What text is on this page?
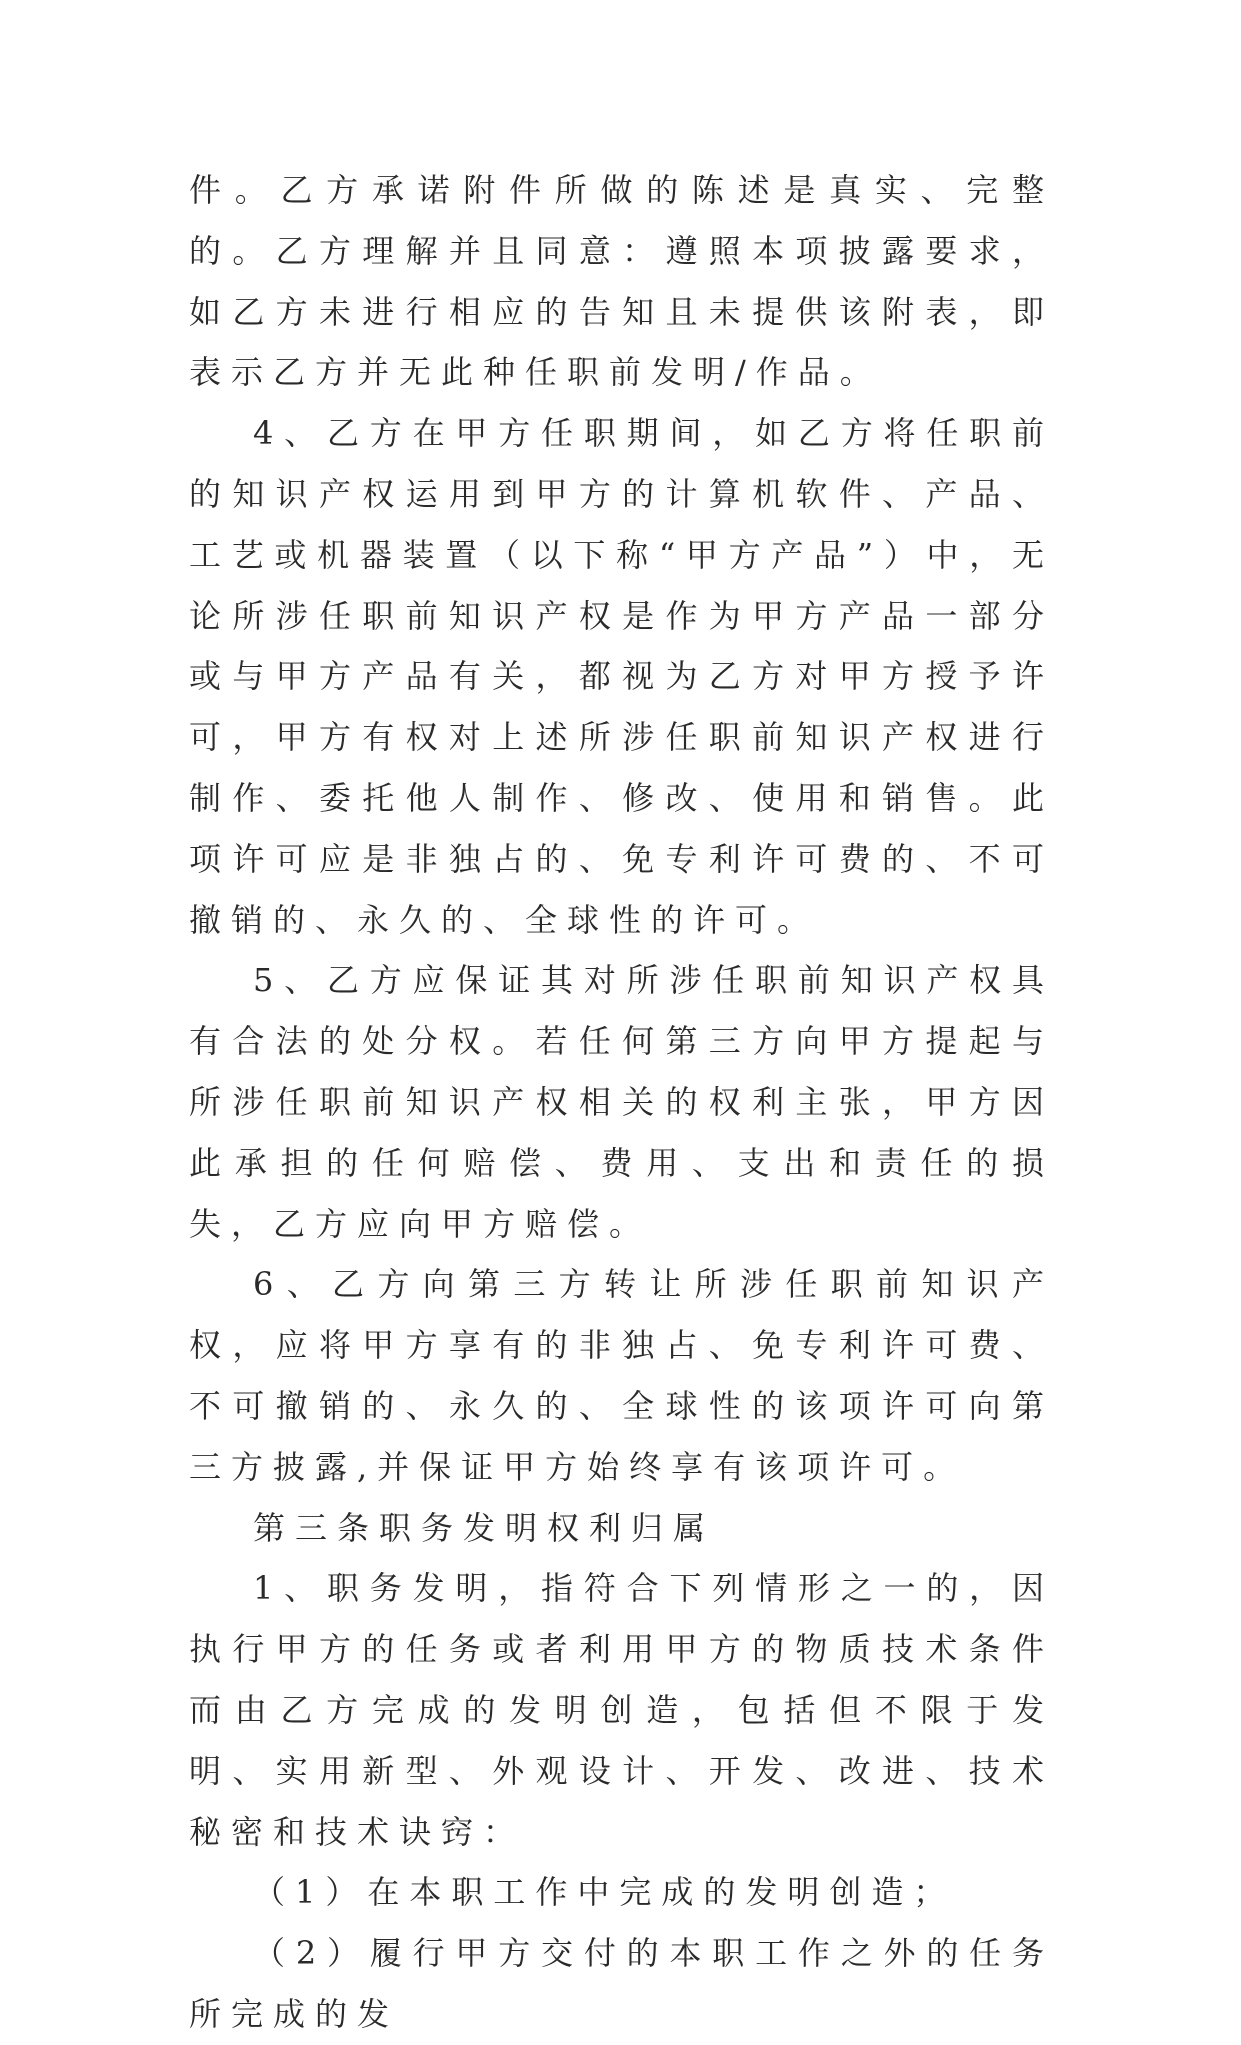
件。乙方承诺附件所做的陈述是真实、完整的。乙方理解并且同意：遵照本项披露要求，如乙方未进行相应的告知且未提供该附表，即表示乙方并无此种任职前发明/作品。

4、乙方在甲方任职期间，如乙方将任职前的知识产权运用到甲方的计算机软件、产品、工艺或机器装置（以下称“甲方产品”）中，无论所涉任职前知识产权是作为甲方产品一部分或与甲方产品有关，都视为乙方对甲方授予许可，甲方有权对上述所涉任职前知识产权进行制作、委托他人制作、修改、使用和销售。此项许可应是非独占的、免专利许可费的、不可撤销的、永久的、全球性的许可。

5、乙方应保证其对所涉任职前知识产权具有合法的处分权。若任何第三方向甲方提起与所涉任职前知识产权相关的权利主张，甲方因此承担的任何赔偿、费用、支出和责任的损失，乙方应向甲方赔偿。

6、乙方向第三方转让所涉任职前知识产权，应将甲方享有的非独占、免专利许可费、不可撤销的、永久的、全球性的该项许可向第三方披露,并保证甲方始终享有该项许可。

第三条职务发明权利归属

1、职务发明，指符合下列情形之一的，因执行甲方的任务或者利用甲方的物质技术条件而由乙方完成的发明创造，包括但不限于发明、实用新型、外观设计、开发、改进、技术秘密和技术诀窍：

（1）在本职工作中完成的发明创造；

（2）履行甲方交付的本职工作之外的任务所完成的发
